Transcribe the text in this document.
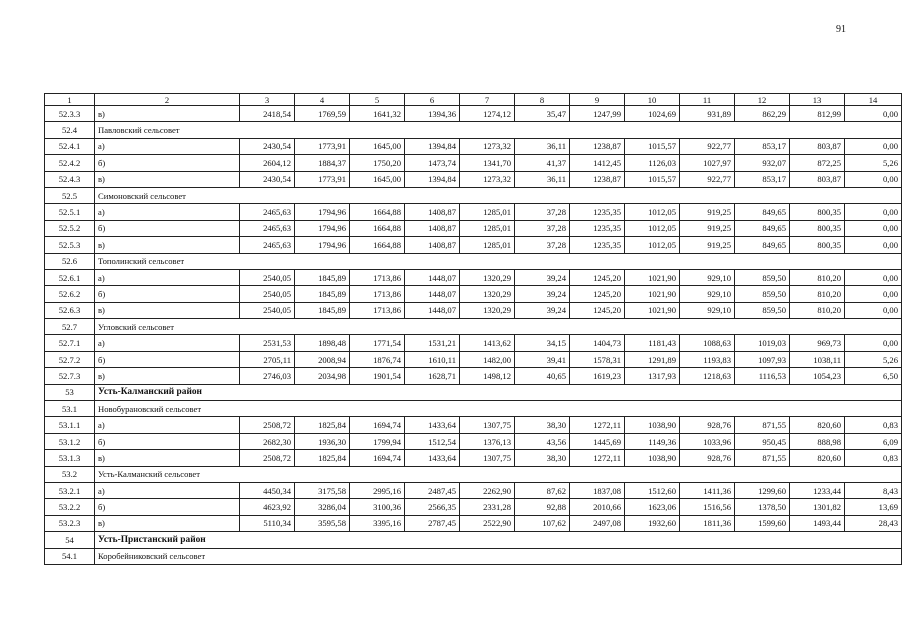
91
1	2	3	4	5	6	7	8	9	10	11	12	13	14
52.3.3	в)	2418,54	1769,59	1641,32	1394,36	1274,12	35,47	1247,99	1024,69	931,89	862,29	812,99	0,00
52.4	Павловский сельсовет												
52.4.1	а)	2430,54	1773,91	1645,00	1394,84	1273,32	36,11	1238,87	1015,57	922,77	853,17	803,87	0,00
52.4.2	б)	2604,12	1884,37	1750,20	1473,74	1341,70	41,37	1412,45	1126,03	1027,97	932,07	872,25	5,26
52.4.3	в)	2430,54	1773,91	1645,00	1394,84	1273,32	36,11	1238,87	1015,57	922,77	853,17	803,87	0,00
52.5	Симоновский сельсовет												
52.5.1	а)	2465,63	1794,96	1664,88	1408,87	1285,01	37,28	1235,35	1012,05	919,25	849,65	800,35	0,00
52.5.2	б)	2465,63	1794,96	1664,88	1408,87	1285,01	37,28	1235,35	1012,05	919,25	849,65	800,35	0,00
52.5.3	в)	2465,63	1794,96	1664,88	1408,87	1285,01	37,28	1235,35	1012,05	919,25	849,65	800,35	0,00
52.6	Тополинский сельсовет												
52.6.1	а)	2540,05	1845,89	1713,86	1448,07	1320,29	39,24	1245,20	1021,90	929,10	859,50	810,20	0,00
52.6.2	б)	2540,05	1845,89	1713,86	1448,07	1320,29	39,24	1245,20	1021,90	929,10	859,50	810,20	0,00
52.6.3	в)	2540,05	1845,89	1713,86	1448,07	1320,29	39,24	1245,20	1021,90	929,10	859,50	810,20	0,00
52.7	Угловский сельсовет												
52.7.1	а)	2531,53	1898,48	1771,54	1531,21	1413,62	34,15	1404,73	1181,43	1088,63	1019,03	969,73	0,00
52.7.2	б)	2705,11	2008,94	1876,74	1610,11	1482,00	39,41	1578,31	1291,89	1193,83	1097,93	1038,11	5,26
52.7.3	в)	2746,03	2034,98	1901,54	1628,71	1498,12	40,65	1619,23	1317,93	1218,63	1116,53	1054,23	6,50
53	Усть-Калманский район												
53.1	Новобурановский сельсовет												
53.1.1	а)	2508,72	1825,84	1694,74	1433,64	1307,75	38,30	1272,11	1038,90	928,76	871,55	820,60	0,83
53.1.2	б)	2682,30	1936,30	1799,94	1512,54	1376,13	43,56	1445,69	1149,36	1033,96	950,45	888,98	6,09
53.1.3	в)	2508,72	1825,84	1694,74	1433,64	1307,75	38,30	1272,11	1038,90	928,76	871,55	820,60	0,83
53.2	Усть-Калманский сельсовет												
53.2.1	а)	4450,34	3175,58	2995,16	2487,45	2262,90	87,62	1837,08	1512,60	1411,36	1299,60	1233,44	8,43
53.2.2	б)	4623,92	3286,04	3100,36	2566,35	2331,28	92,88	2010,66	1623,06	1516,56	1378,50	1301,82	13,69
53.2.3	в)	5110,34	3595,58	3395,16	2787,45	2522,90	107,62	2497,08	1932,60	1811,36	1599,60	1493,44	28,43
54	Усть-Пристанский район												
54.1	Коробейниковский сельсовет												
